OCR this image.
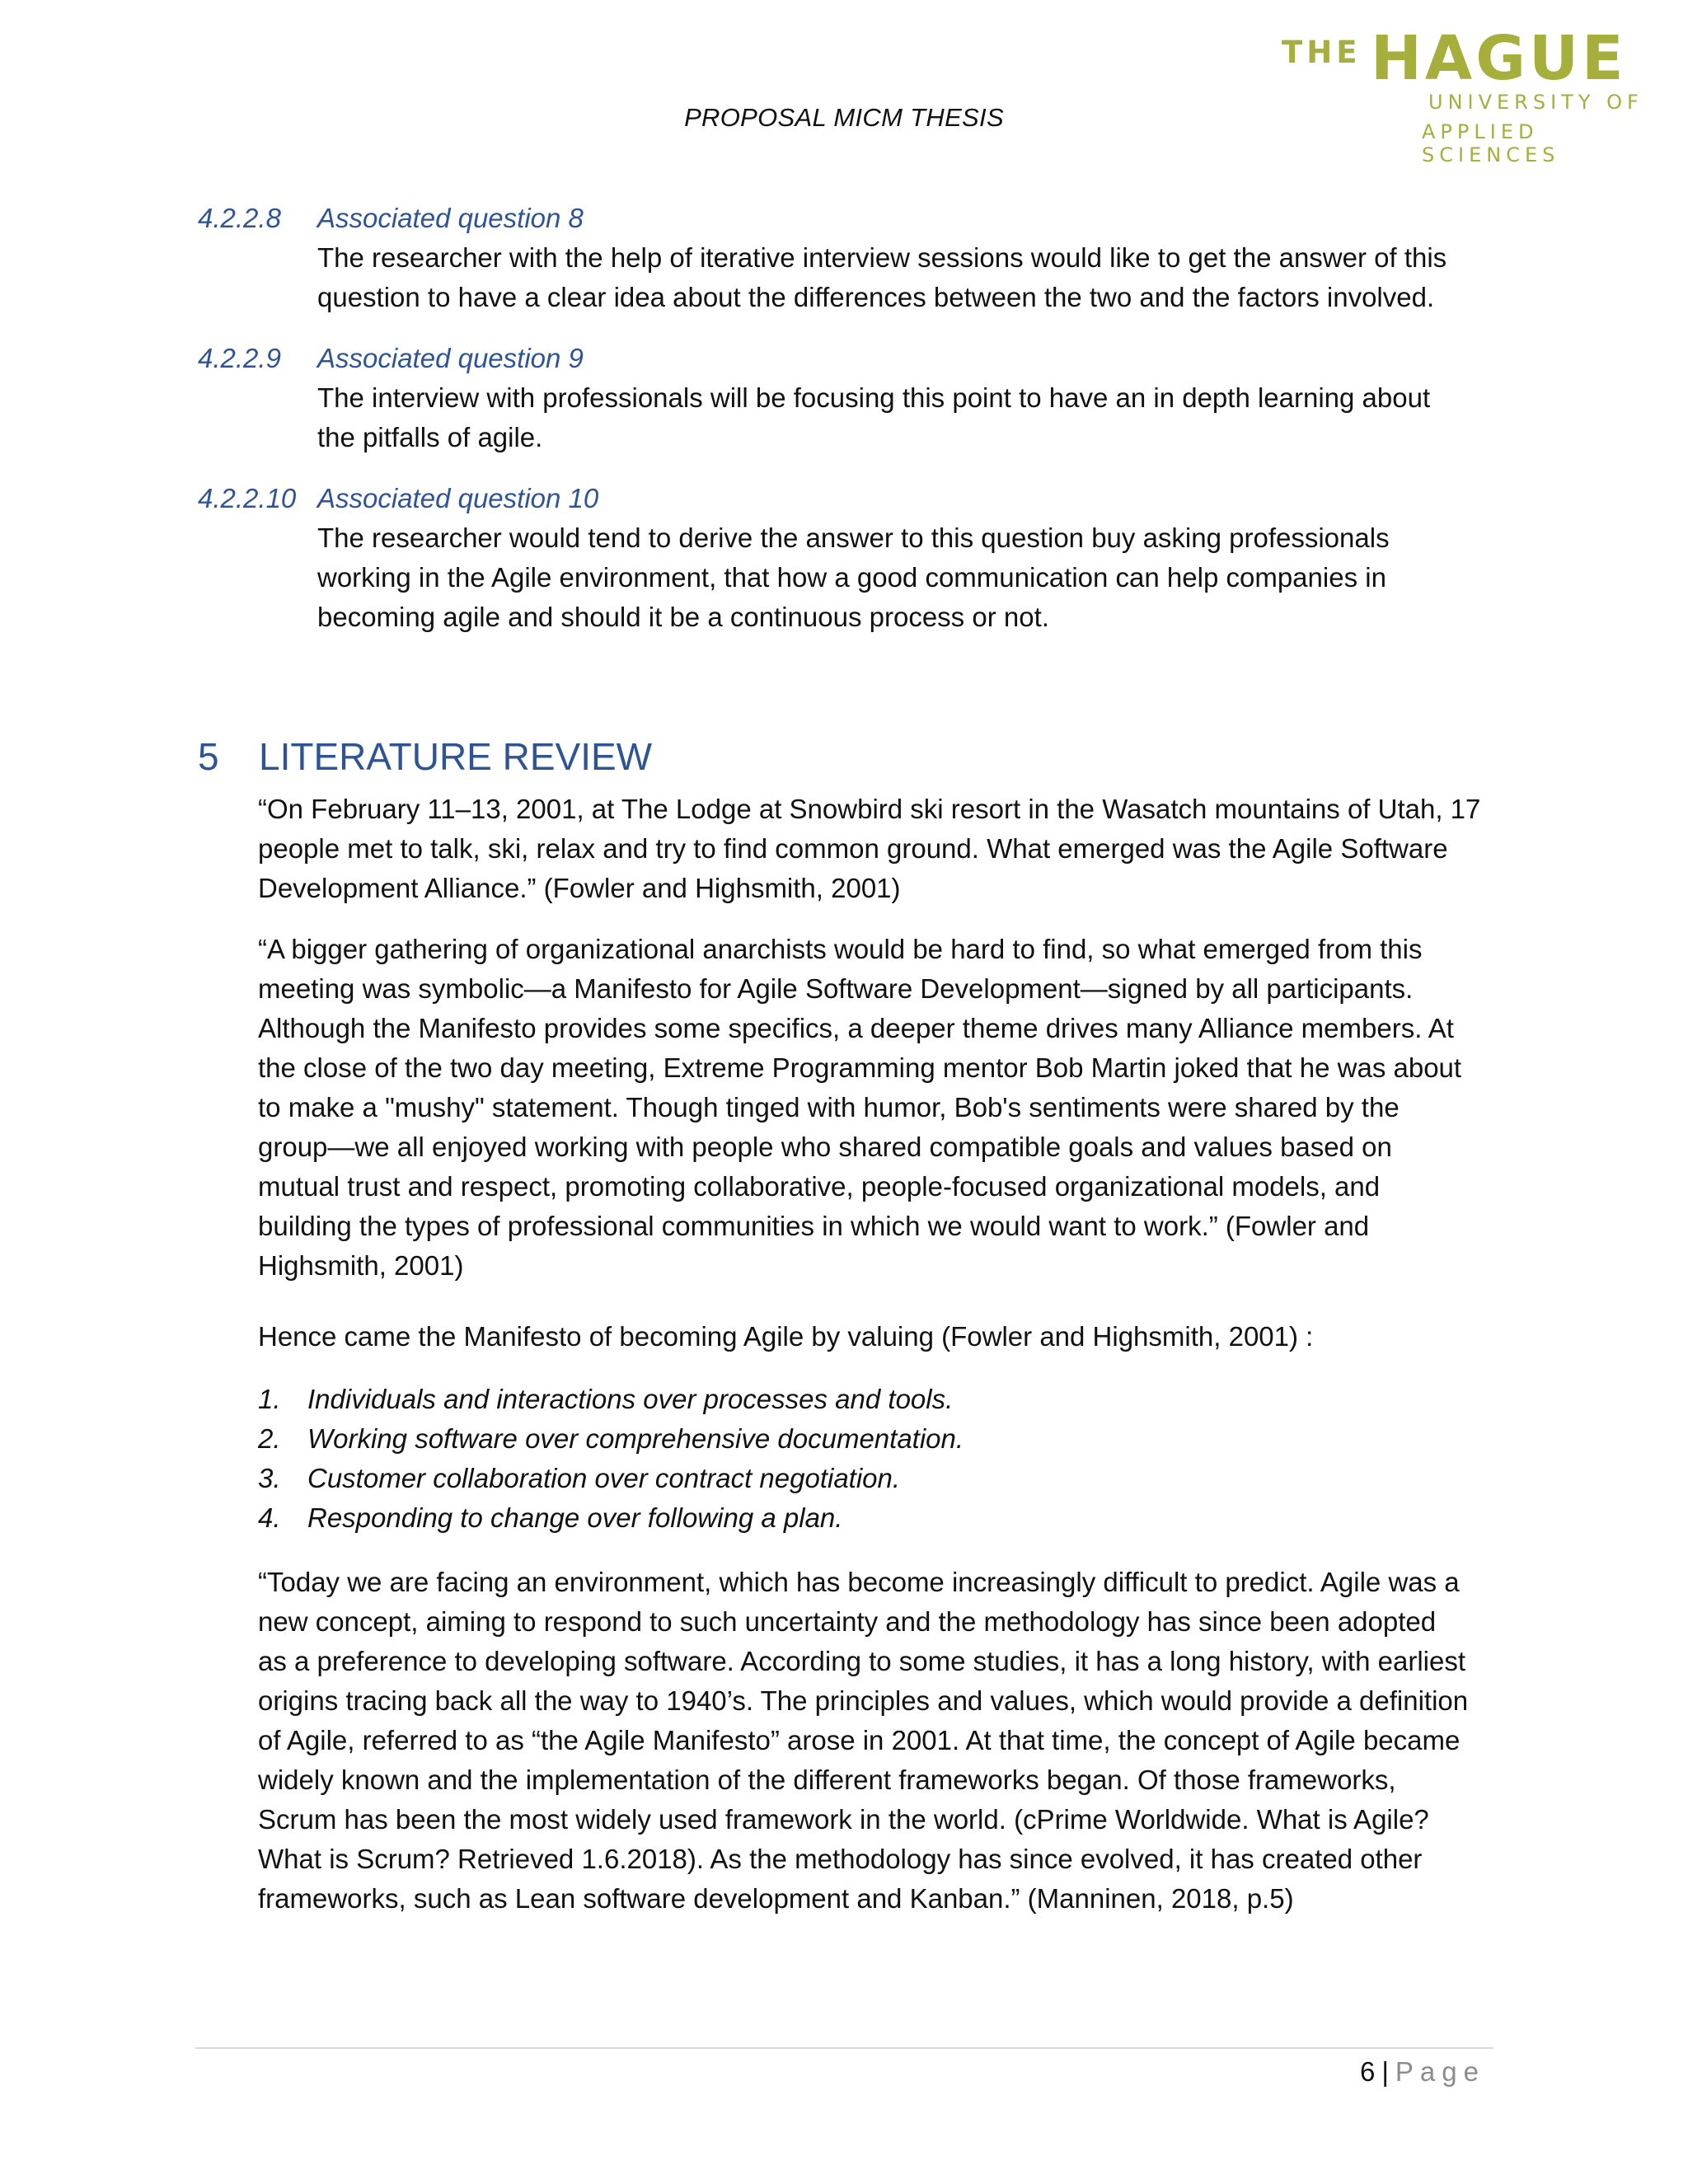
PROPOSAL MICM THESIS
THE HAGUE
UNIVERSITY OF
APPLIED SCIENCES
4.2.2.8 Associated question 8
The researcher with the help of iterative interview sessions would like to get the answer of this
question to have a clear idea about the differences between the two and the factors involved.
4.2.2.9 Associated question 9
The interview with professionals will be focusing this point to have an in depth learning about
the pitfalls of agile.
4.2.2.10 Associated question 10
The researcher would tend to derive the answer to this question buy asking professionals
working in the Agile environment, that how a good communication can help companies in
becoming agile and should it be a continuous process or not.
5 LITERATURE REVIEW
“On February 11–13, 2001, at The Lodge at Snowbird ski resort in the Wasatch mountains of Utah, 17
people met to talk, ski, relax and try to find common ground. What emerged was the Agile Software
Development Alliance.” (Fowler and Highsmith, 2001)
“A bigger gathering of organizational anarchists would be hard to find, so what emerged from this
meeting was symbolic—a Manifesto for Agile Software Development—signed by all participants.
Although the Manifesto provides some specifics, a deeper theme drives many Alliance members. At
the close of the two day meeting, Extreme Programming mentor Bob Martin joked that he was about
to make a "mushy" statement. Though tinged with humor, Bob's sentiments were shared by the
group—we all enjoyed working with people who shared compatible goals and values based on
mutual trust and respect, promoting collaborative, people-focused organizational models, and
building the types of professional communities in which we would want to work.” (Fowler and
Highsmith, 2001)
Hence came the Manifesto of becoming Agile by valuing (Fowler and Highsmith, 2001) :
1. Individuals and interactions over processes and tools.
2. Working software over comprehensive documentation.
3. Customer collaboration over contract negotiation.
4. Responding to change over following a plan.
“Today we are facing an environment, which has become increasingly difficult to predict. Agile was a
new concept, aiming to respond to such uncertainty and the methodology has since been adopted
as a preference to developing software. According to some studies, it has a long history, with earliest
origins tracing back all the way to 1940’s. The principles and values, which would provide a definition
of Agile, referred to as “the Agile Manifesto” arose in 2001. At that time, the concept of Agile became
widely known and the implementation of the different frameworks began. Of those frameworks,
Scrum has been the most widely used framework in the world. (cPrime Worldwide. What is Agile?
What is Scrum? Retrieved 1.6.2018). As the methodology has since evolved, it has created other
frameworks, such as Lean software development and Kanban.” (Manninen, 2018, p.5)
6 | Page
